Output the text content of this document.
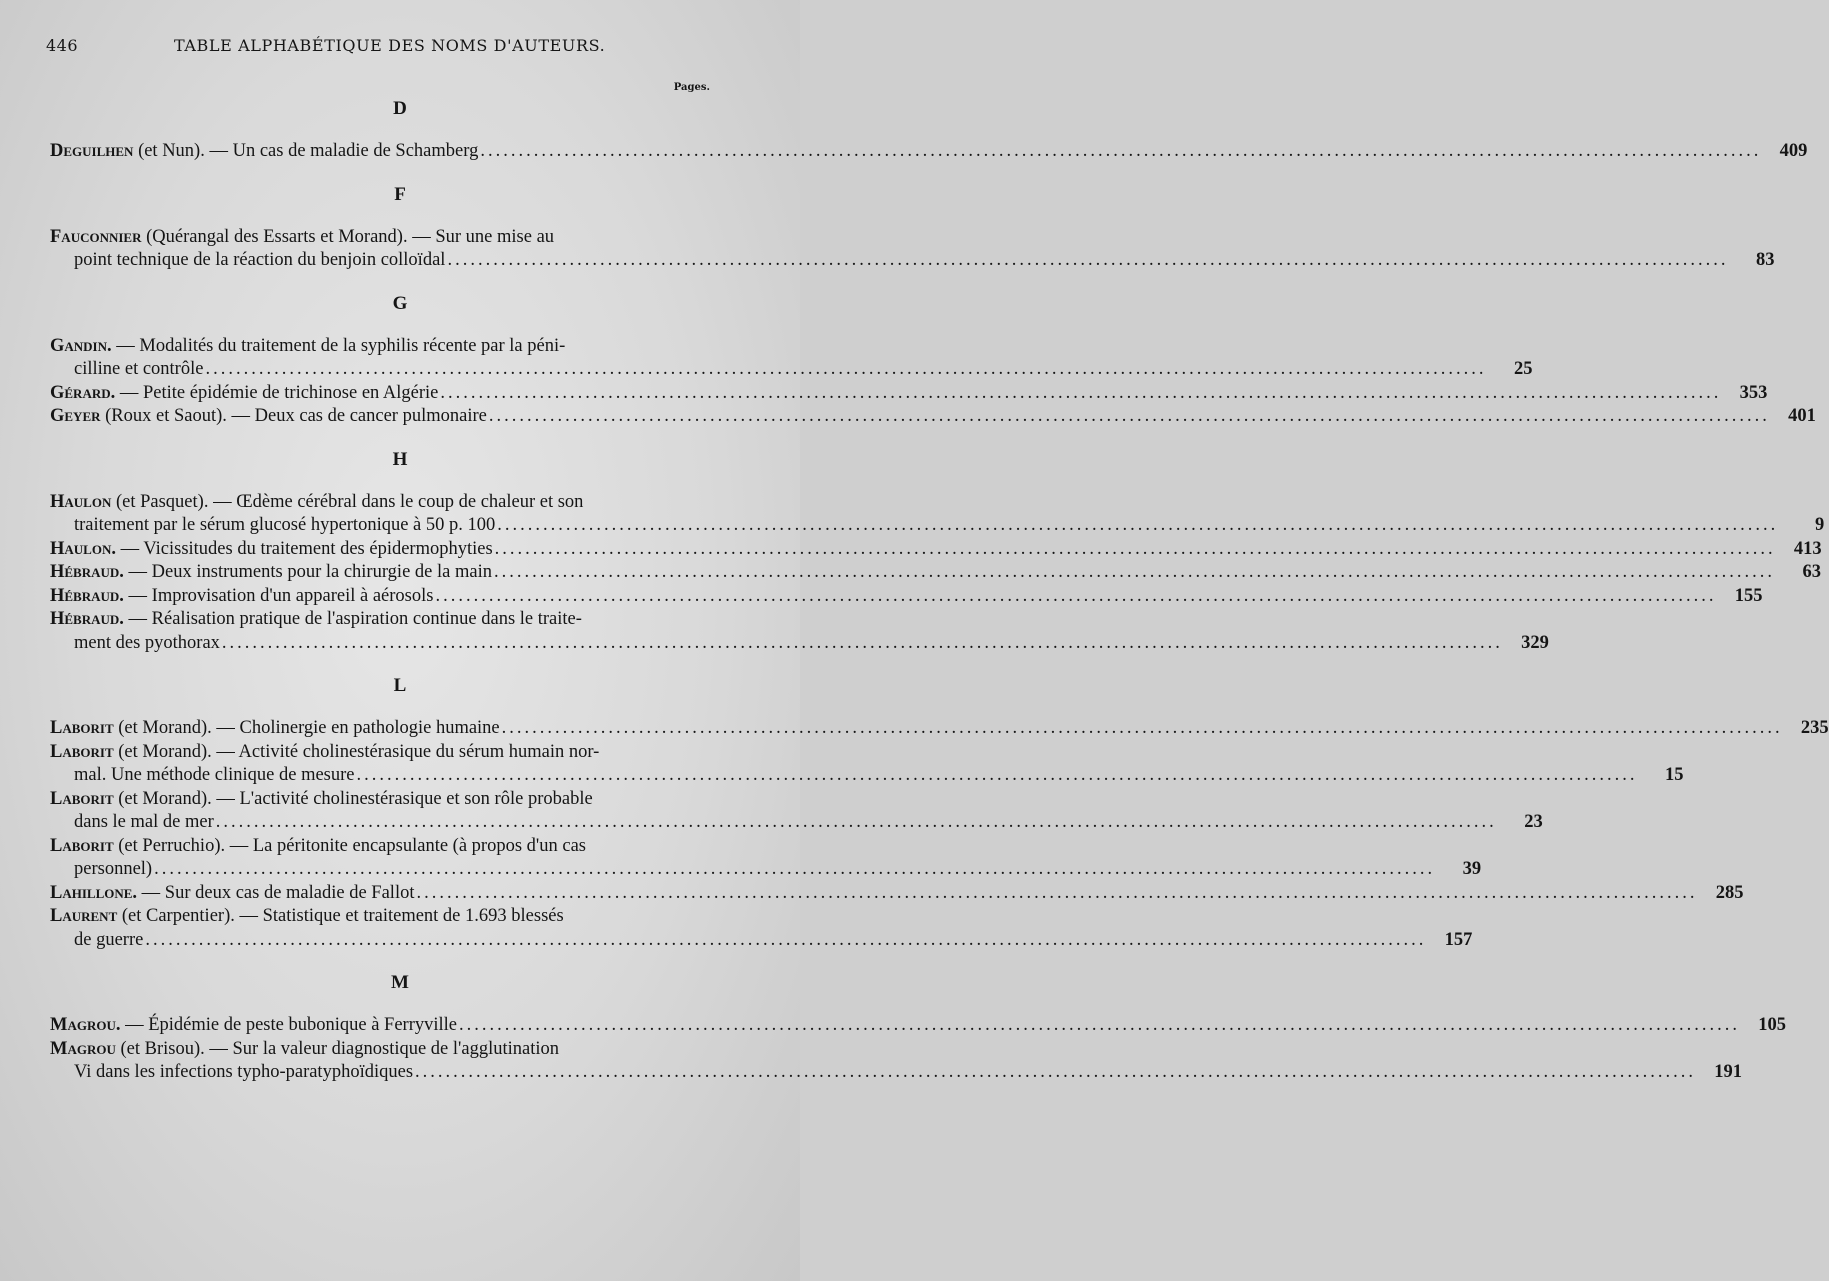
446	TABLE ALPHABÉTIQUE DES NOMS D'AUTEURS.
Pages.
D
Deguilhen (et Nun). — Un cas de maladie de Schamberg .....	409
F
Fauconnier (Quérangal des Essarts et Morand). — Sur une mise au
point technique de la réaction du benjoin colloïdal .....	83
G
Gandin. — Modalités du traitement de la syphilis récente par la péni-
cilline et contrôle .....	25
Gérard. — Petite épidémie de trichinose en Algérie .....	353
Geyer (Roux et Saout). — Deux cas de cancer pulmonaire .....	401
H
Haulon (et Pasquet). — Œdème cérébral dans le coup de chaleur et son
traitement par le sérum glucosé hypertonique à 50 p. 100 .....	9
Haulon. — Vicissitudes du traitement des épidermophyties .....	413
Hébraud. — Deux instruments pour la chirurgie de la main .....	63
Hébraud. — Improvisation d'un appareil à aérosols .....	155
Hébraud. — Réalisation pratique de l'aspiration continue dans le traite-
ment des pyothorax .....	329
L
Laborit (et Morand). — Cholinergie en pathologie humaine .....	235
Laborit (et Morand). — Activité cholinestérasique du sérum humain nor-
mal. Une méthode clinique de mesure .....	15
Laborit (et Morand). — L'activité cholinestérasique et son rôle probable
dans le mal de mer .....	23
Laborit (et Perruchio). — La péritonite encapsulante (à propos d'un cas
personnel) .....	39
Lahillone. — Sur deux cas de maladie de Fallot .....	285
Laurent (et Carpentier). — Statistique et traitement de 1.693 blessés
de guerre .....	157
M
Magrou. — Épidémie de peste bubonique à Ferryville .....	105
Magrou (et Brisou). — Sur la valeur diagnostique de l'agglutination
Vi dans les infections typho-paratyphoïdiques .....	191
